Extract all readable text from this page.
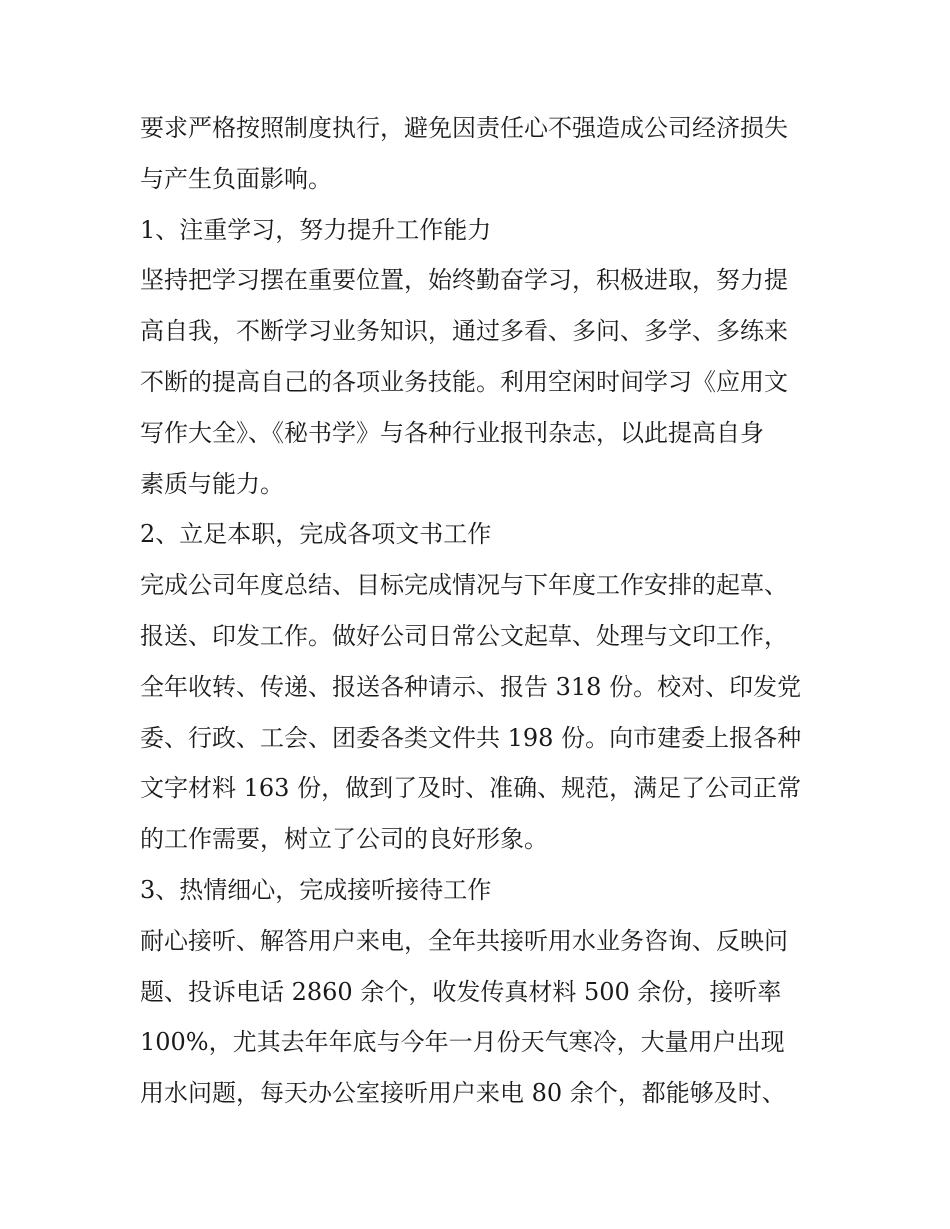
要求严格按照制度执行，避免因责任心不强造成公司经济损失
与产生负面影响。
1、注重学习，努力提升工作能力
坚持把学习摆在重要位置，始终勤奋学习，积极进取，努力提
高自我，不断学习业务知识，通过多看、多问、多学、多练来
不断的提高自己的各项业务技能。利用空闲时间学习《应用文
写作大全》、《秘书学》与各种行业报刊杂志，以此提高自身
素质与能力。
2、立足本职，完成各项文书工作
完成公司年度总结、目标完成情况与下年度工作安排的起草、
报送、印发工作。做好公司日常公文起草、处理与文印工作，
全年收转、传递、报送各种请示、报告 318 份。校对、印发党
委、行政、工会、团委各类文件共 198 份。向市建委上报各种
文字材料 163 份，做到了及时、准确、规范，满足了公司正常
的工作需要，树立了公司的良好形象。
3、热情细心，完成接听接待工作
耐心接听、解答用户来电，全年共接听用水业务咨询、反映问
题、投诉电话 2860 余个，收发传真材料 500 余份，接听率
100%，尤其去年年底与今年一月份天气寒冷，大量用户出现
用水问题，每天办公室接听用户来电 80 余个，都能够及时、
